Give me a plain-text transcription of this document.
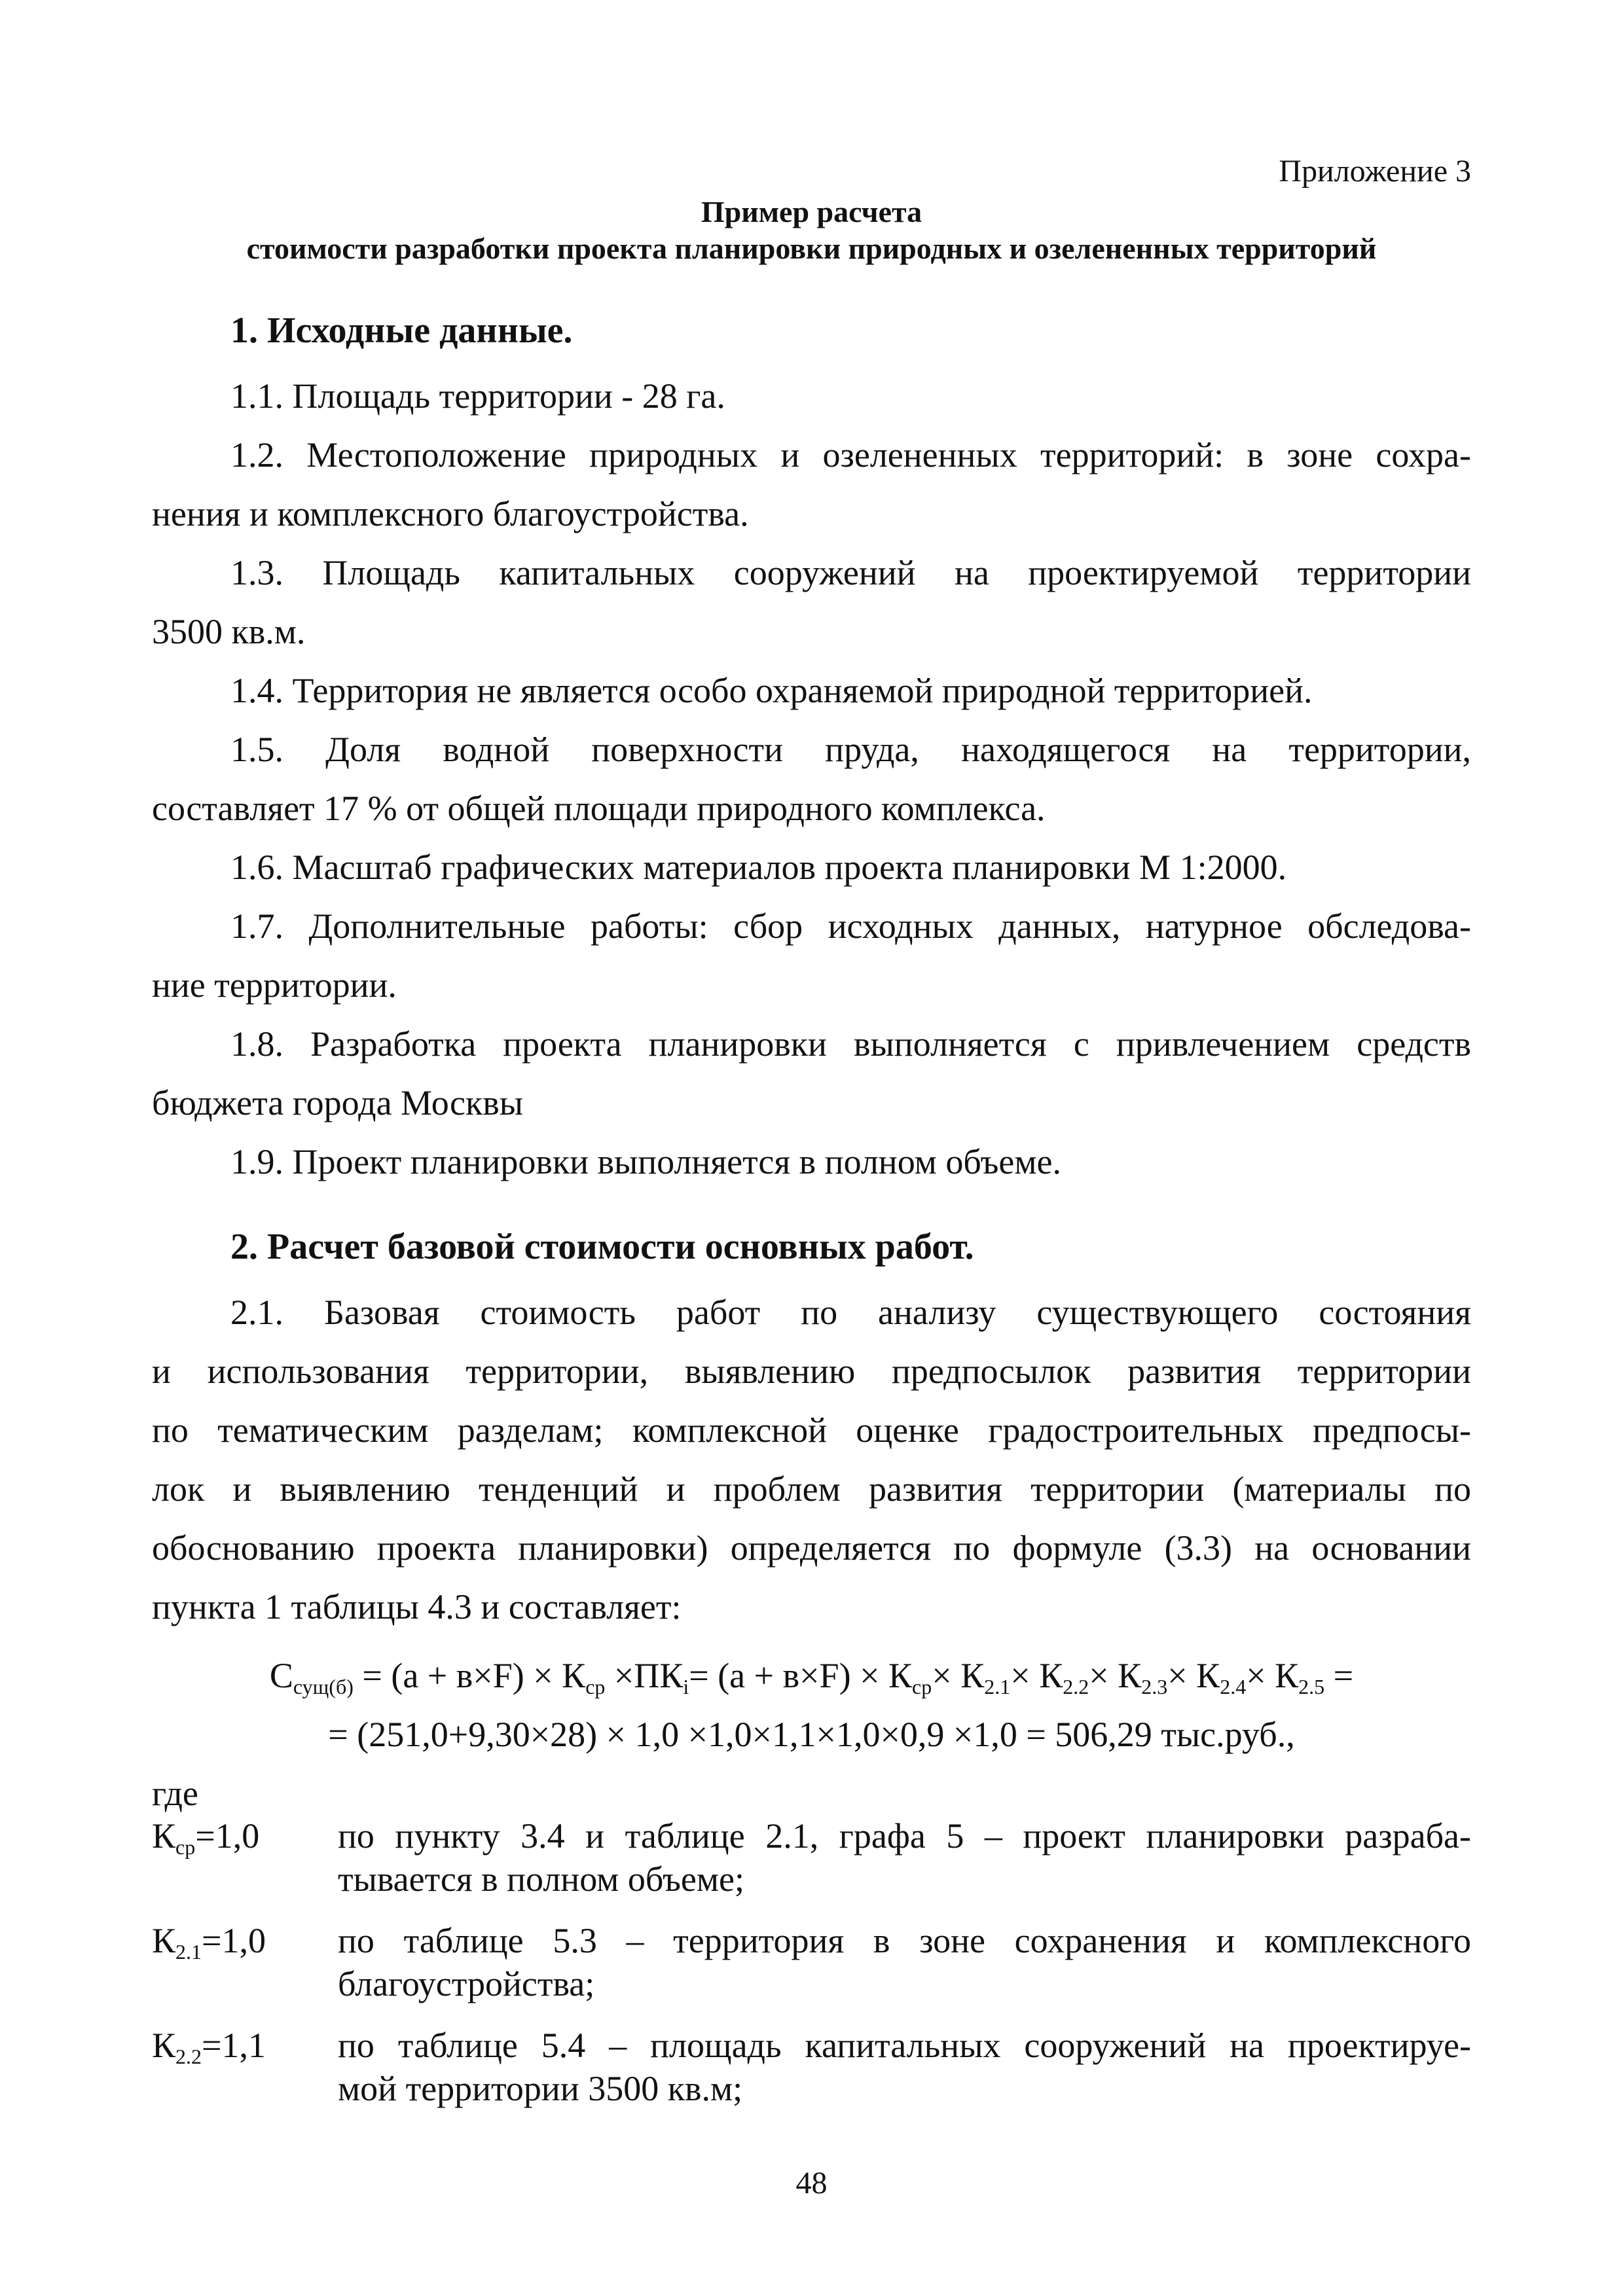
Приложение 3
Пример расчета
стоимости разработки проекта планировки природных и озелененных территорий
1. Исходные данные.

1.1. Площадь территории - 28 га.

1.2. Местоположение природных и озелененных территорий: в зоне сохра-
нения и комплексного благоустройства.

1.3. Площадь капитальных сооружений на проектируемой территории
3500 кв.м.

1.4. Территория не является особо охраняемой природной территорией.

1.5. Доля водной поверхности пруда, находящегося на территории,
составляет 17 % от общей площади природного комплекса.

1.6. Масштаб графических материалов проекта планировки М 1:2000.

1.7. Дополнительные работы: сбор исходных данных, натурное обследова-
ние территории.

1.8. Разработка проекта планировки выполняется с привлечением средств
бюджета города Москвы

1.9. Проект планировки выполняется в полном объеме.

2. Расчет базовой стоимости основных работ.

2.1. Базовая стоимость работ по анализу существующего состояния
и использования территории, выявлению предпосылок развития территории
по тематическим разделам; комплексной оценке градостроительных предпосы-
лок и выявлению тенденций и проблем развития территории (материалы по
обоснованию проекта планировки) определяется по формуле (3.3) на основании
пункта 1 таблицы 4.3 и составляет:

$С_{сущ(б)} = (а + в\times F) \times К_{ср} \times ПК_i= (а + в\times F) \times К_{ср}\times К_{2.1}\times К_{2.2}\times К_{2.3}\times К_{2.4}\times К_{2.5}$ =
= (251,0+9,30×28) × 1,0 ×1,0×1,1×1,0×0,9 ×1,0 = 506,29 тыс.руб.,
где
$К_{ср}=1,0$	по пункту 3.4 и таблице 2.1, графа 5 – проект планировки разраба-
тывается в полном объеме;
$К_{2.1}=1,0$	по таблице 5.3 – территория в зоне сохранения и комплексного
благоустройства;
$К_{2.2}=1,1$	по таблице 5.4 – площадь капитальных сооружений на проектируе-
мой территории 3500 кв.м;
48
